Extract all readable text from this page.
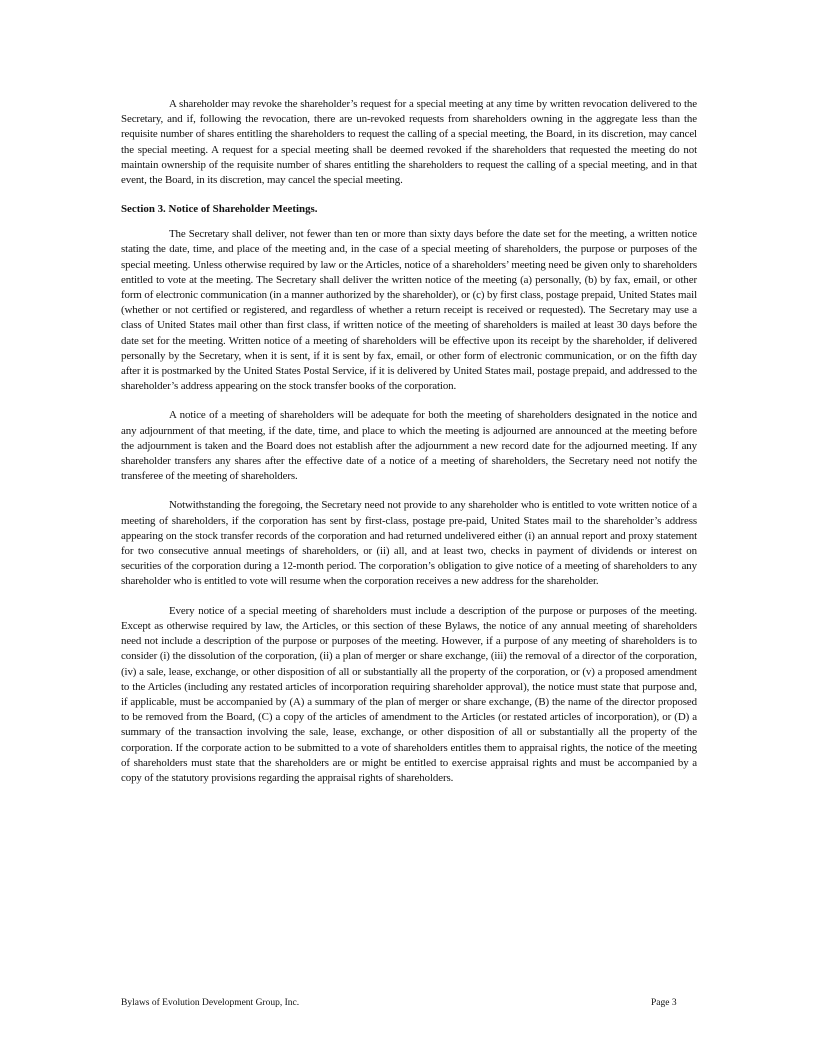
A shareholder may revoke the shareholder’s request for a special meeting at any time by written revocation delivered to the Secretary, and if, following the revocation, there are un-revoked requests from shareholders owning in the aggregate less than the requisite number of shares entitling the shareholders to request the calling of a special meeting, the Board, in its discretion, may cancel the special meeting. A request for a special meeting shall be deemed revoked if the shareholders that requested the meeting do not maintain ownership of the requisite number of shares entitling the shareholders to request the calling of a special meeting, and in that event, the Board, in its discretion, may cancel the special meeting.

Section 3. Notice of Shareholder Meetings.

The Secretary shall deliver, not fewer than ten or more than sixty days before the date set for the meeting, a written notice stating the date, time, and place of the meeting and, in the case of a special meeting of shareholders, the purpose or purposes of the special meeting. Unless otherwise required by law or the Articles, notice of a shareholders’ meeting need be given only to shareholders entitled to vote at the meeting. The Secretary shall deliver the written notice of the meeting (a) personally, (b) by fax, email, or other form of electronic communication (in a manner authorized by the shareholder), or (c) by first class, postage prepaid, United States mail (whether or not certified or registered, and regardless of whether a return receipt is received or requested). The Secretary may use a class of United States mail other than first class, if written notice of the meeting of shareholders is mailed at least 30 days before the date set for the meeting. Written notice of a meeting of shareholders will be effective upon its receipt by the shareholder, if delivered personally by the Secretary, when it is sent, if it is sent by fax, email, or other form of electronic communication, or on the fifth day after it is postmarked by the United States Postal Service, if it is delivered by United States mail, postage prepaid, and addressed to the shareholder’s address appearing on the stock transfer books of the corporation.

A notice of a meeting of shareholders will be adequate for both the meeting of shareholders designated in the notice and any adjournment of that meeting, if the date, time, and place to which the meeting is adjourned are announced at the meeting before the adjournment is taken and the Board does not establish after the adjournment a new record date for the adjourned meeting. If any shareholder transfers any shares after the effective date of a notice of a meeting of shareholders, the Secretary need not notify the transferee of the meeting of shareholders.

Notwithstanding the foregoing, the Secretary need not provide to any shareholder who is entitled to vote written notice of a meeting of shareholders, if the corporation has sent by first-class, postage pre-paid, United States mail to the shareholder’s address appearing on the stock transfer records of the corporation and had returned undelivered either (i) an annual report and proxy statement for two consecutive annual meetings of shareholders, or (ii) all, and at least two, checks in payment of dividends or interest on securities of the corporation during a 12-month period. The corporation’s obligation to give notice of a meeting of shareholders to any shareholder who is entitled to vote will resume when the corporation receives a new address for the shareholder.

Every notice of a special meeting of shareholders must include a description of the purpose or purposes of the meeting. Except as otherwise required by law, the Articles, or this section of these Bylaws, the notice of any annual meeting of shareholders need not include a description of the purpose or purposes of the meeting. However, if a purpose of any meeting of shareholders is to consider (i) the dissolution of the corporation, (ii) a plan of merger or share exchange, (iii) the removal of a director of the corporation, (iv) a sale, lease, exchange, or other disposition of all or substantially all the property of the corporation, or (v) a proposed amendment to the Articles (including any restated articles of incorporation requiring shareholder approval), the notice must state that purpose and, if applicable, must be accompanied by (A) a summary of the plan of merger or share exchange, (B) the name of the director proposed to be removed from the Board, (C) a copy of the articles of amendment to the Articles (or restated articles of incorporation), or (D) a summary of the transaction involving the sale, lease, exchange, or other disposition of all or substantially all the property of the corporation. If the corporate action to be submitted to a vote of shareholders entitles them to appraisal rights, the notice of the meeting of shareholders must state that the shareholders are or might be entitled to exercise appraisal rights and must be accompanied by a copy of the statutory provisions regarding the appraisal rights of shareholders.

Bylaws of Evolution Development Group, Inc.	Page 3
